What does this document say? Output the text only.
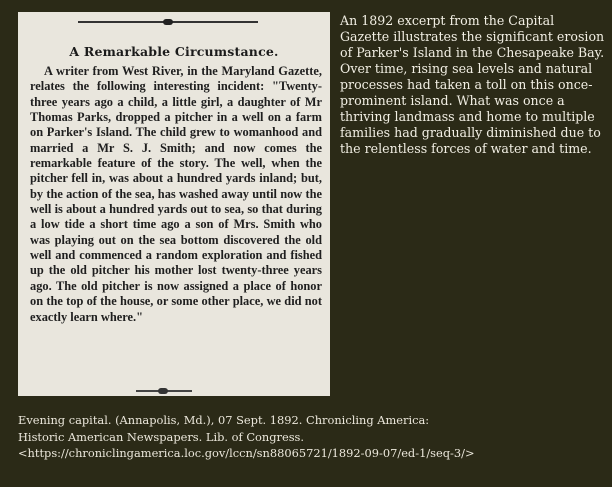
A Remarkable Circumstance.

A writer from West River, in the Maryland Gazette, relates the following interesting incident: "Twenty-three years ago a child, a little girl, a daughter of Mr Thomas Parks, dropped a pitcher in a well on a farm on Parker's Island. The child grew to womanhood and married a Mr S. J. Smith; and now comes the remarkable feature of the story. The well, when the pitcher fell in, was about a hundred yards inland; but, by the action of the sea, has washed away until now the well is about a hundred yards out to sea, so that during a low tide a short time ago a son of Mrs. Smith who was playing out on the sea bottom discovered the old well and commenced a random exploration and fished up the old pitcher his mother lost twenty-three years ago. The old pitcher is now assigned a place of honor on the top of the house, or some other place, we did not exactly learn where."

An 1892 excerpt from the Capital Gazette illustrates the significant erosion of Parker's Island in the Chesapeake Bay. Over time, rising sea levels and natural processes had taken a toll on this once-prominent island. What was once a thriving landmass and home to multiple families had gradually diminished due to the relentless forces of water and time.

Evening capital. (Annapolis, Md.), 07 Sept. 1892. Chronicling America:
Historic American Newspapers. Lib. of Congress.
<https://chroniclingamerica.loc.gov/lccn/sn88065721/1892-09-07/ed-1/seq-3/>
